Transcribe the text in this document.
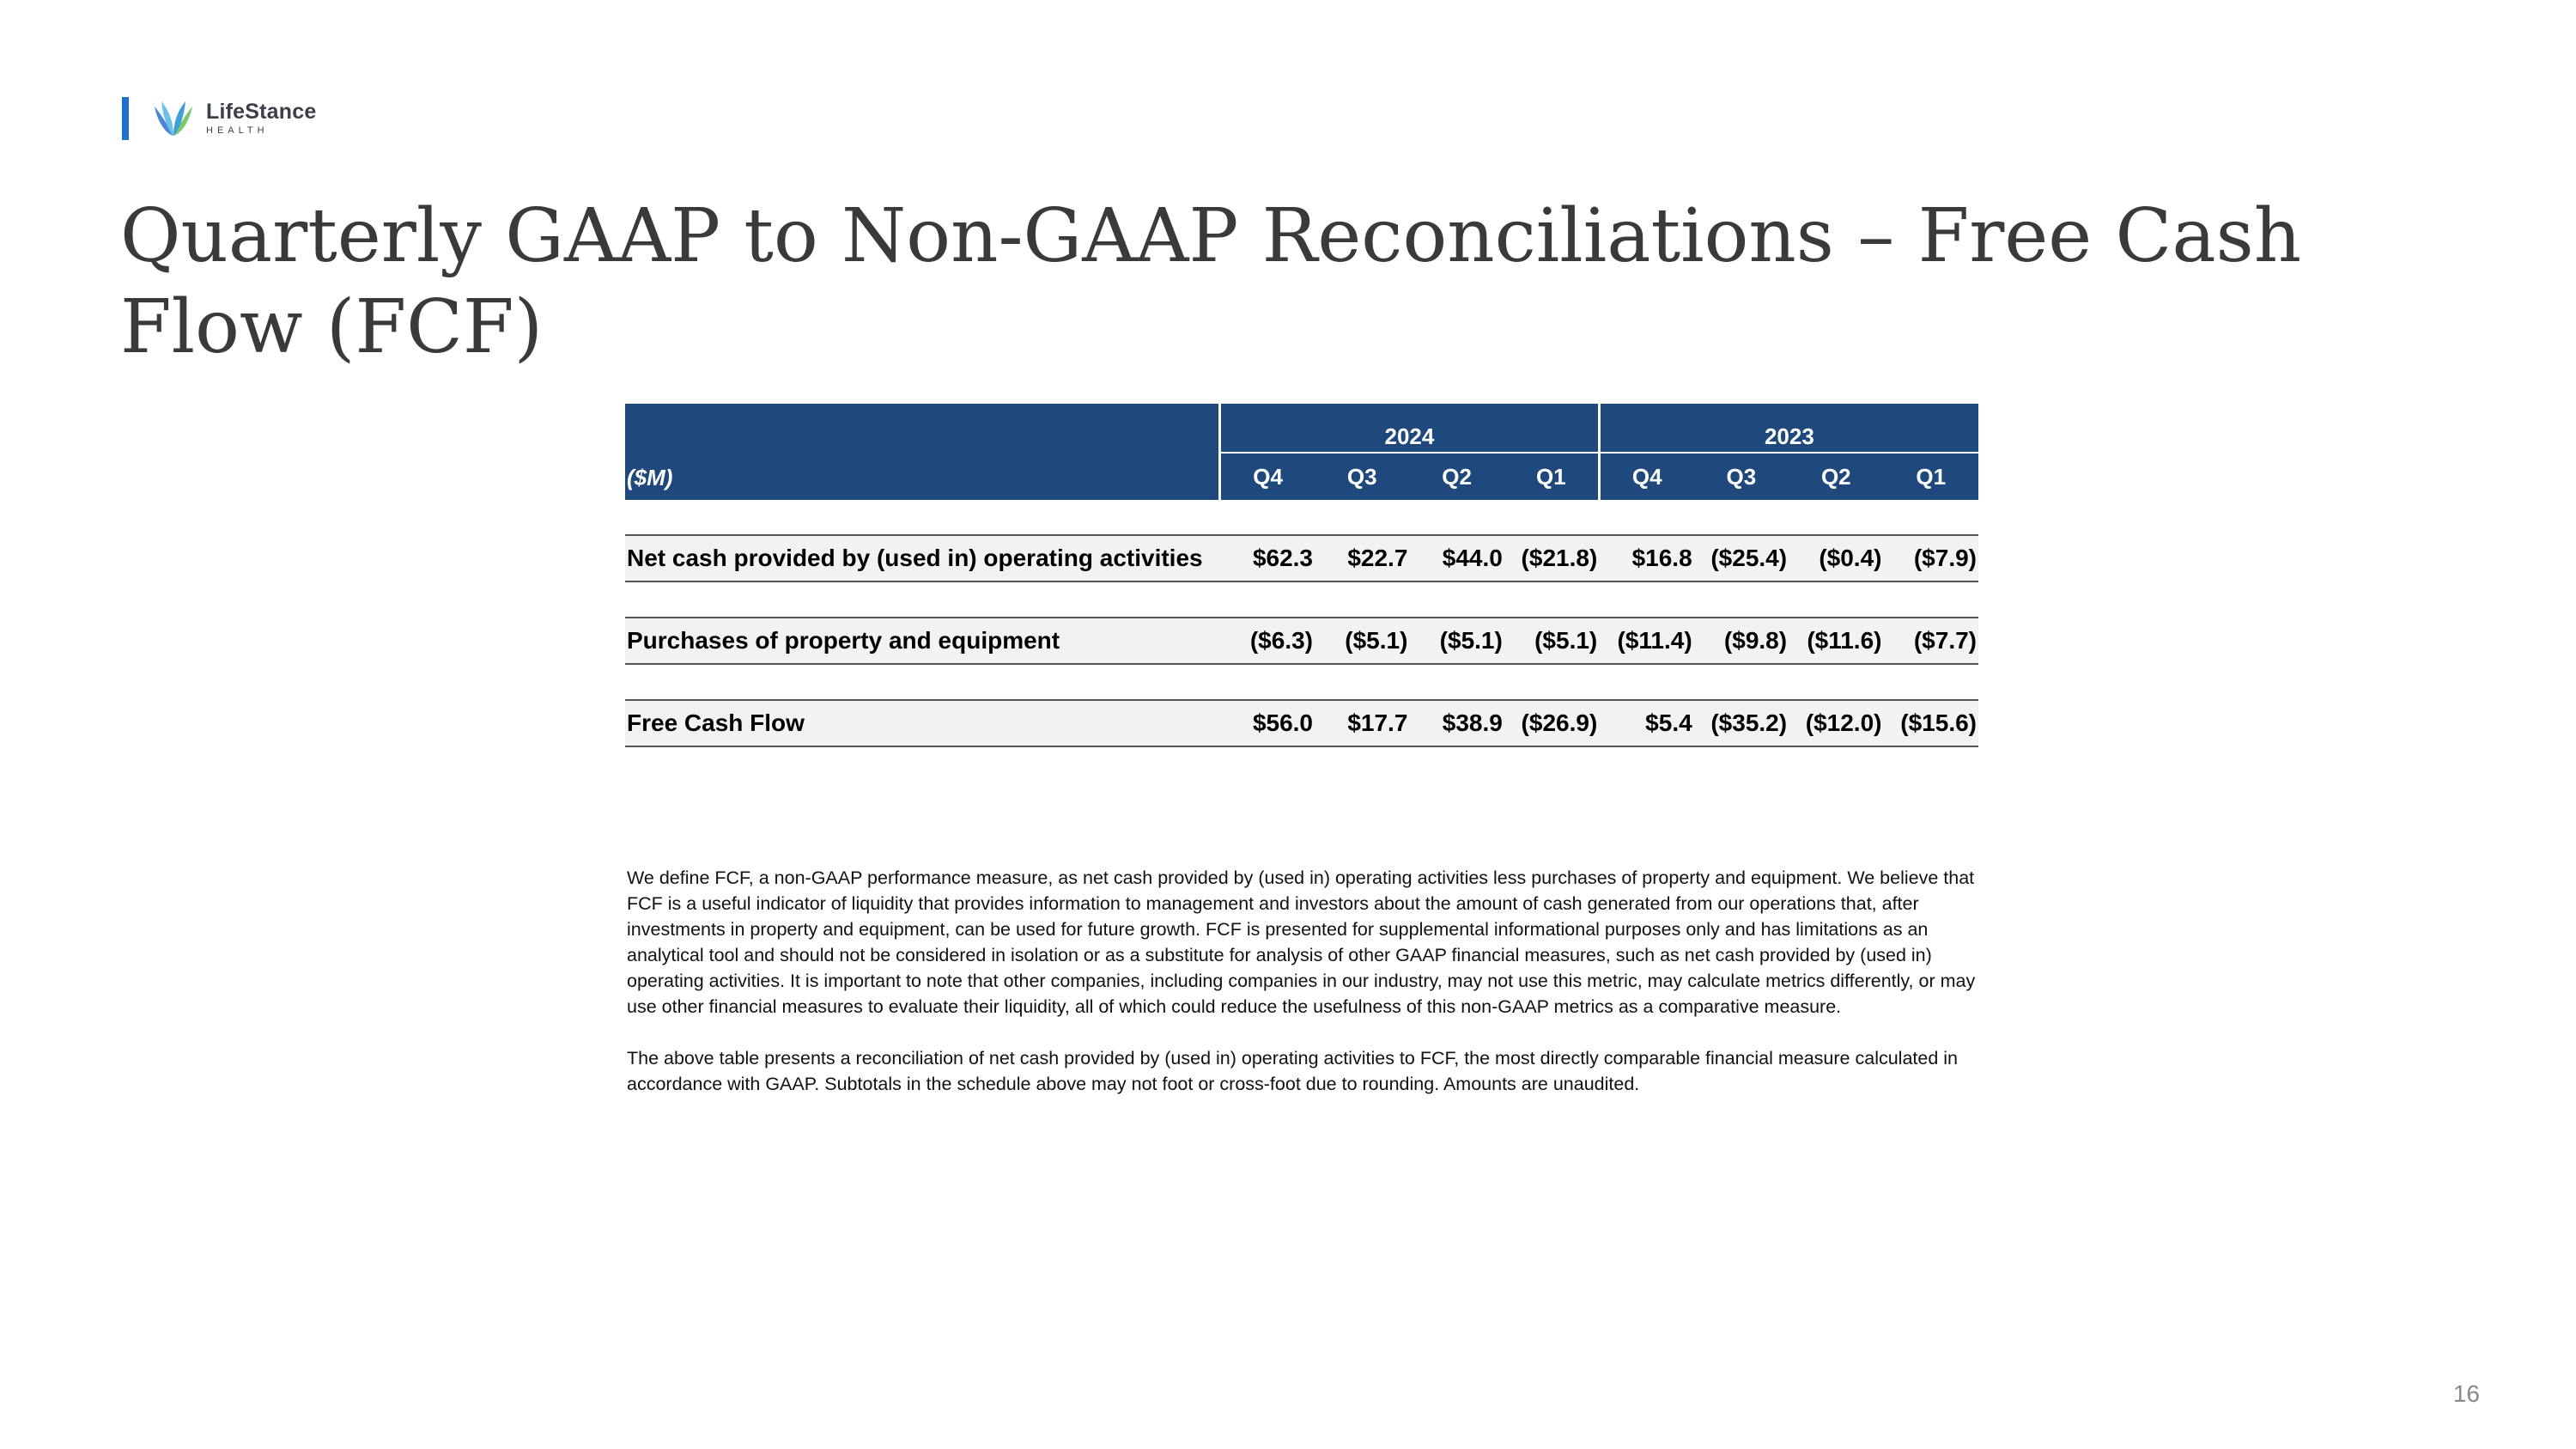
LifeStance
HEALTH
Quarterly GAAP to Non-GAAP Reconciliations – Free Cash Flow (FCF)
($M)	2024				2023			
	Q4	Q3	Q2	Q1	Q4	Q3	Q2	Q1

Net cash provided by (used in) operating activities	$62.3	$22.7	$44.0	($21.8)	$16.8	($25.4)	($0.4)	($7.9)

Purchases of property and equipment	($6.3)	($5.1)	($5.1)	($5.1)	($11.4)	($9.8)	($11.6)	($7.7)

Free Cash Flow	$56.0	$17.7	$38.9	($26.9)	$5.4	($35.2)	($12.0)	($15.6)

We define FCF, a non-GAAP performance measure, as net cash provided by (used in) operating activities less purchases of property and equipment. We believe that FCF is a useful indicator of liquidity that provides information to management and investors about the amount of cash generated from our operations that, after investments in property and equipment, can be used for future growth. FCF is presented for supplemental informational purposes only and has limitations as an analytical tool and should not be considered in isolation or as a substitute for analysis of other GAAP financial measures, such as net cash provided by (used in) operating activities. It is important to note that other companies, including companies in our industry, may not use this metric, may calculate metrics differently, or may use other financial measures to evaluate their liquidity, all of which could reduce the usefulness of this non-GAAP metrics as a comparative measure.

The above table presents a reconciliation of net cash provided by (used in) operating activities to FCF, the most directly comparable financial measure calculated in accordance with GAAP. Subtotals in the schedule above may not foot or cross-foot due to rounding. Amounts are unaudited.

16
